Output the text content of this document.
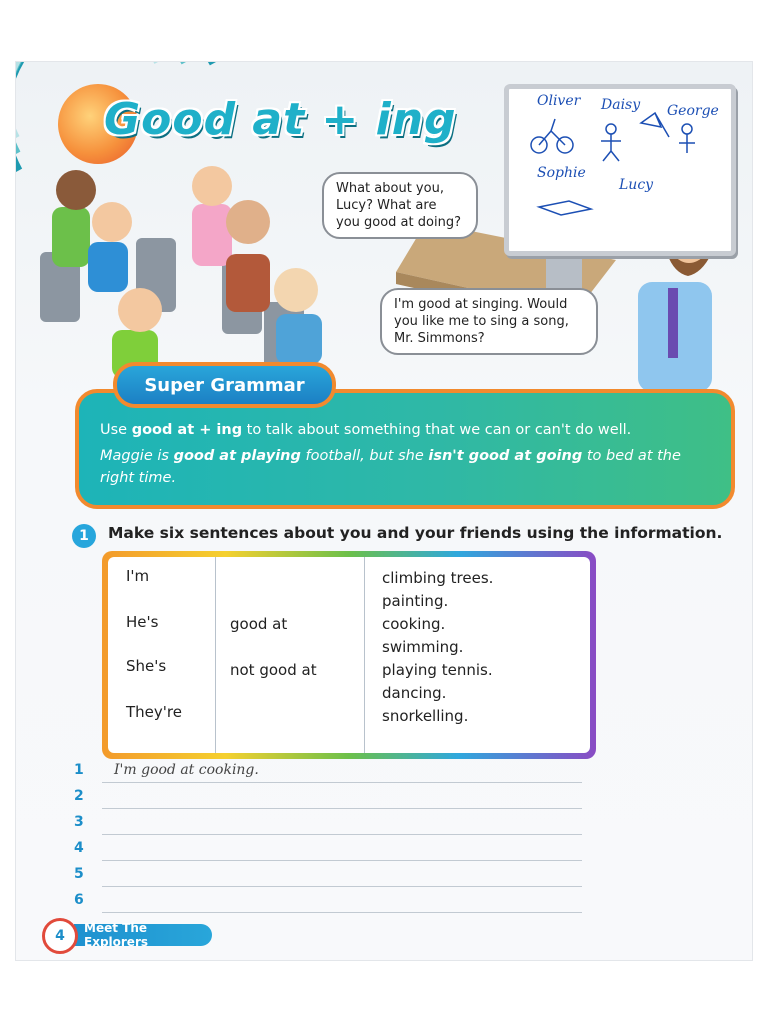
Good at + ing	Oliver Daisy George
Sophie
Lucy
What about you, Lucy? What are you good at doing?
I'm good at singing. Would you like me to sing a song, Mr. Simmons?
Super Grammar
Use good at + ing to talk about something that we can or can't do well.
Maggie is good at playing football, but she isn't good at going to bed at the right time.
1	Make six sentences about you and your friends using the information.
I'm
He's
She's
They're
good at
not good at
climbing trees.
painting.
cooking.
swimming.
playing tennis.
dancing.
snorkelling.
1 I'm good at cooking.
2
3
4
5
6
Meet The Explorers
4
